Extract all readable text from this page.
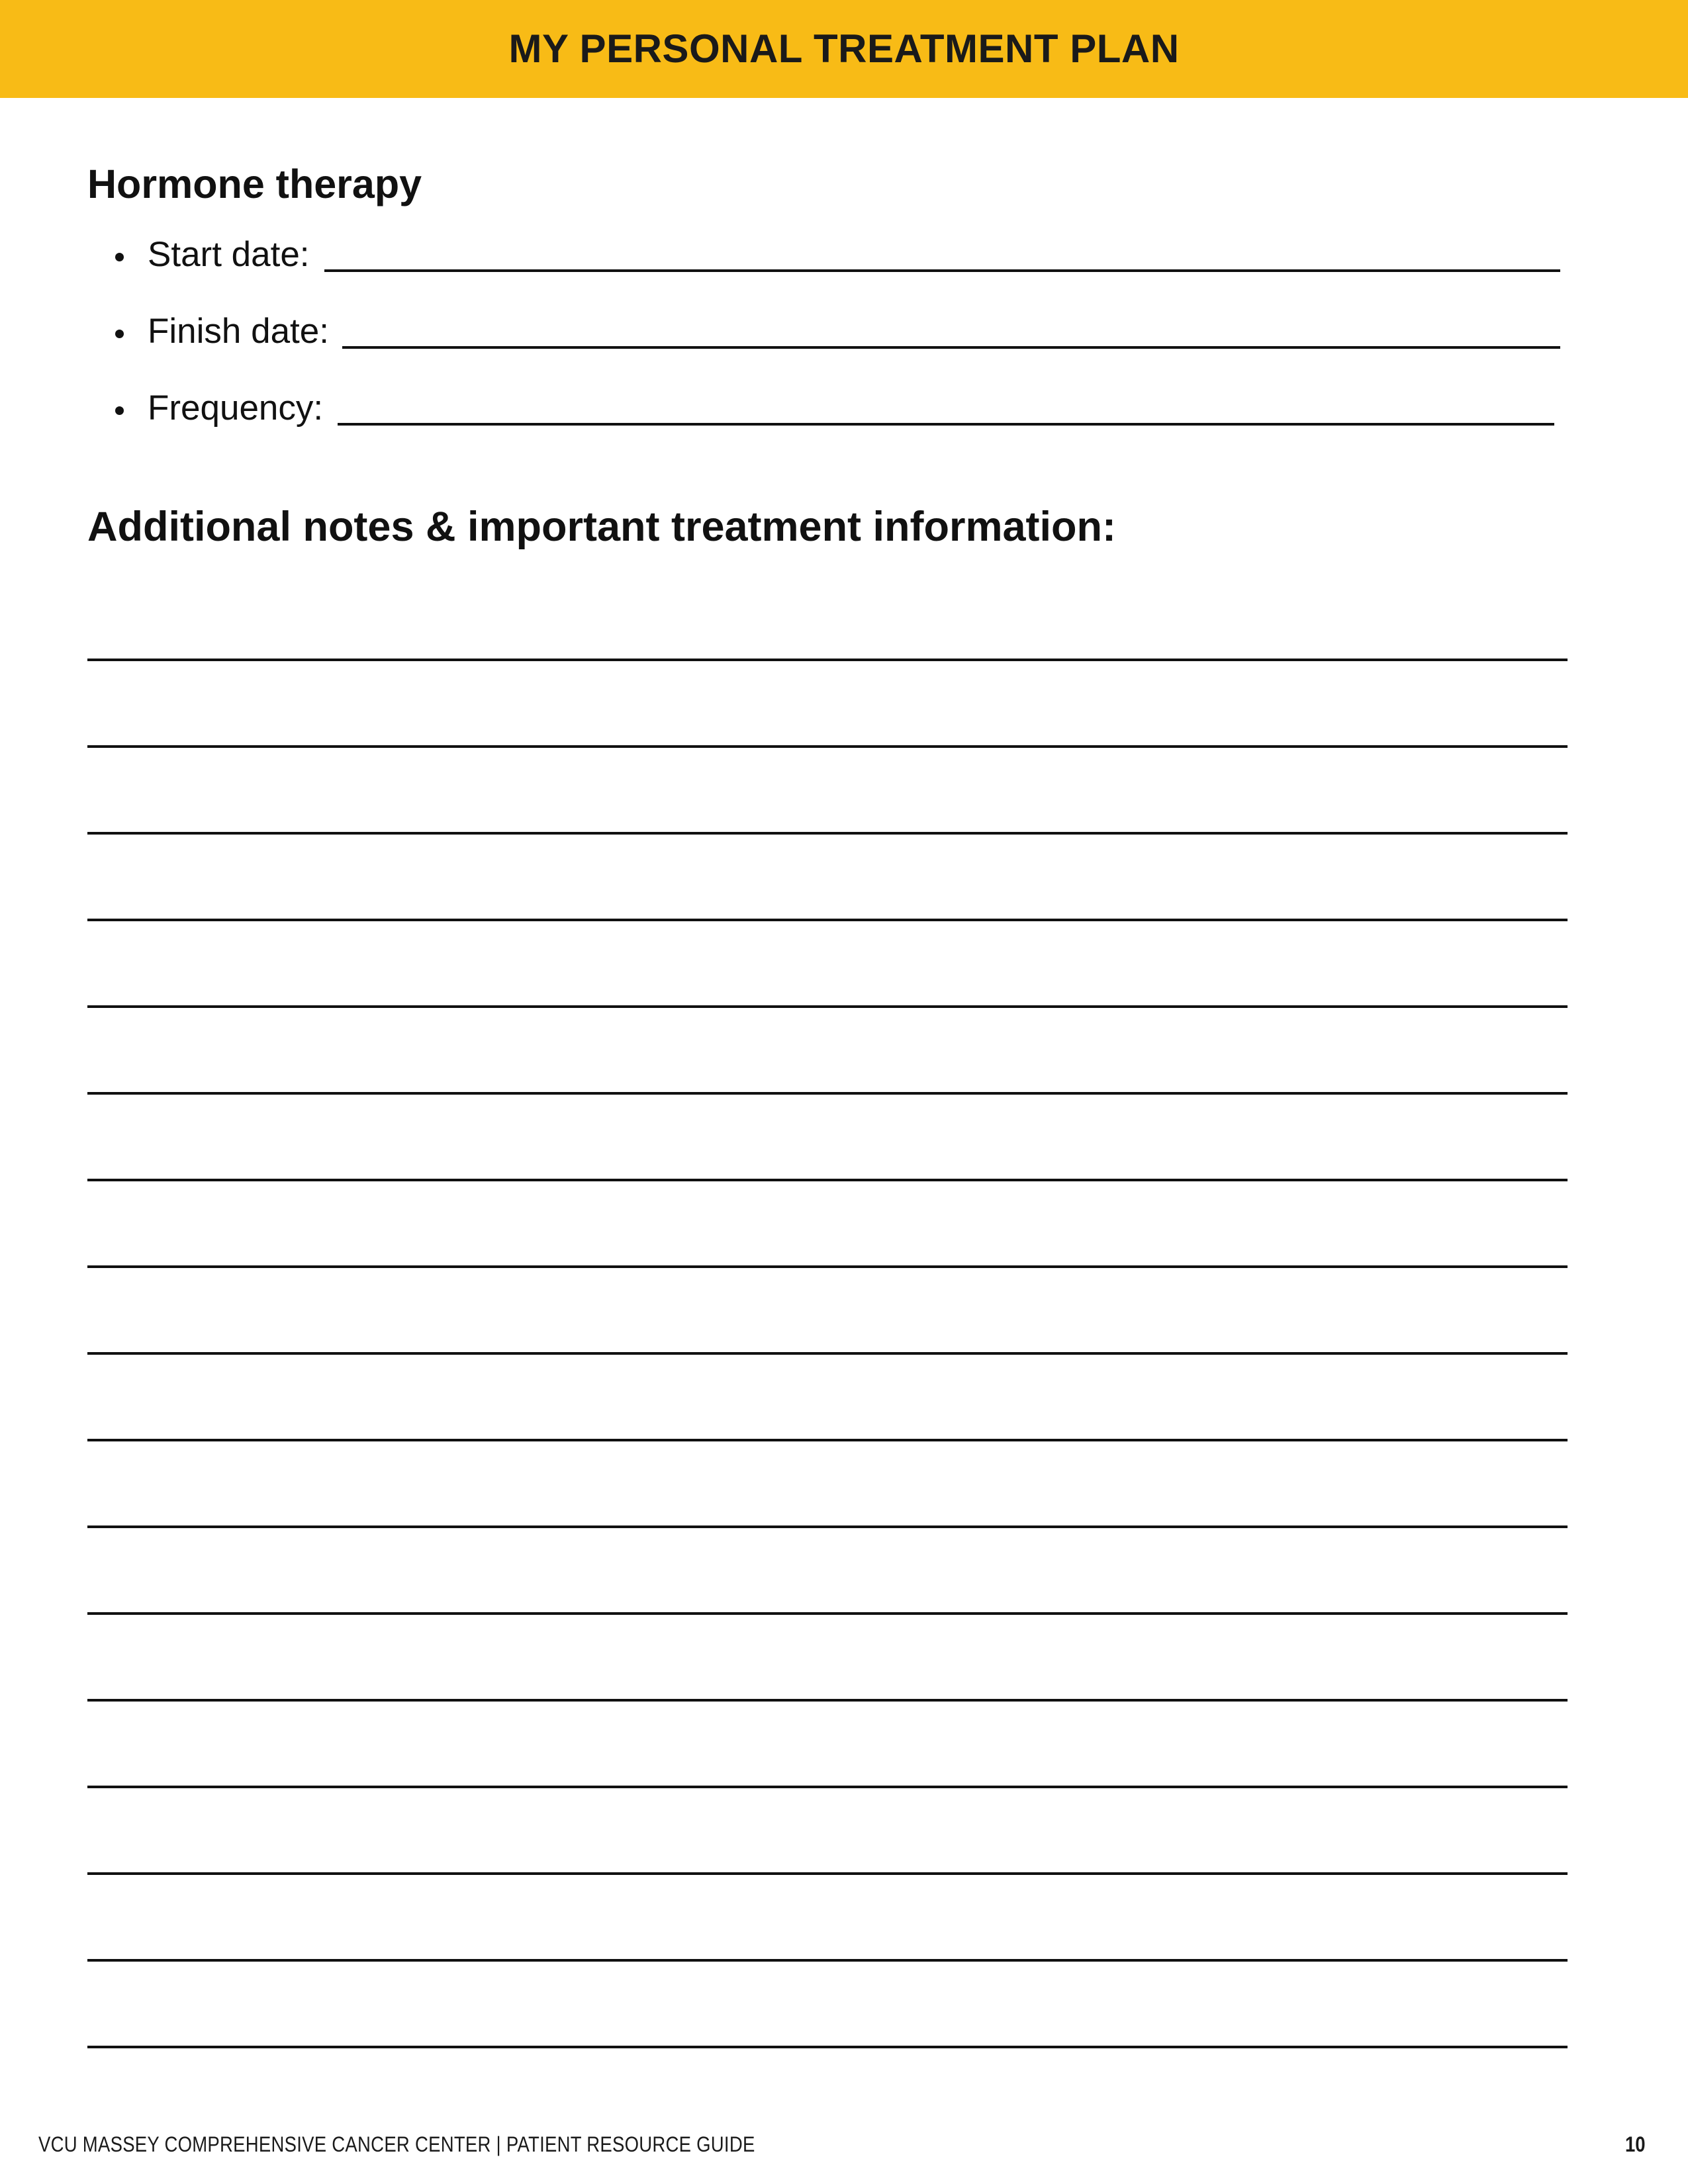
MY PERSONAL TREATMENT PLAN
Hormone therapy
Start date:
Finish date:
Frequency:
Additional notes & important treatment information:
VCU MASSEY COMPREHENSIVE CANCER CENTER | PATIENT RESOURCE GUIDE	10
